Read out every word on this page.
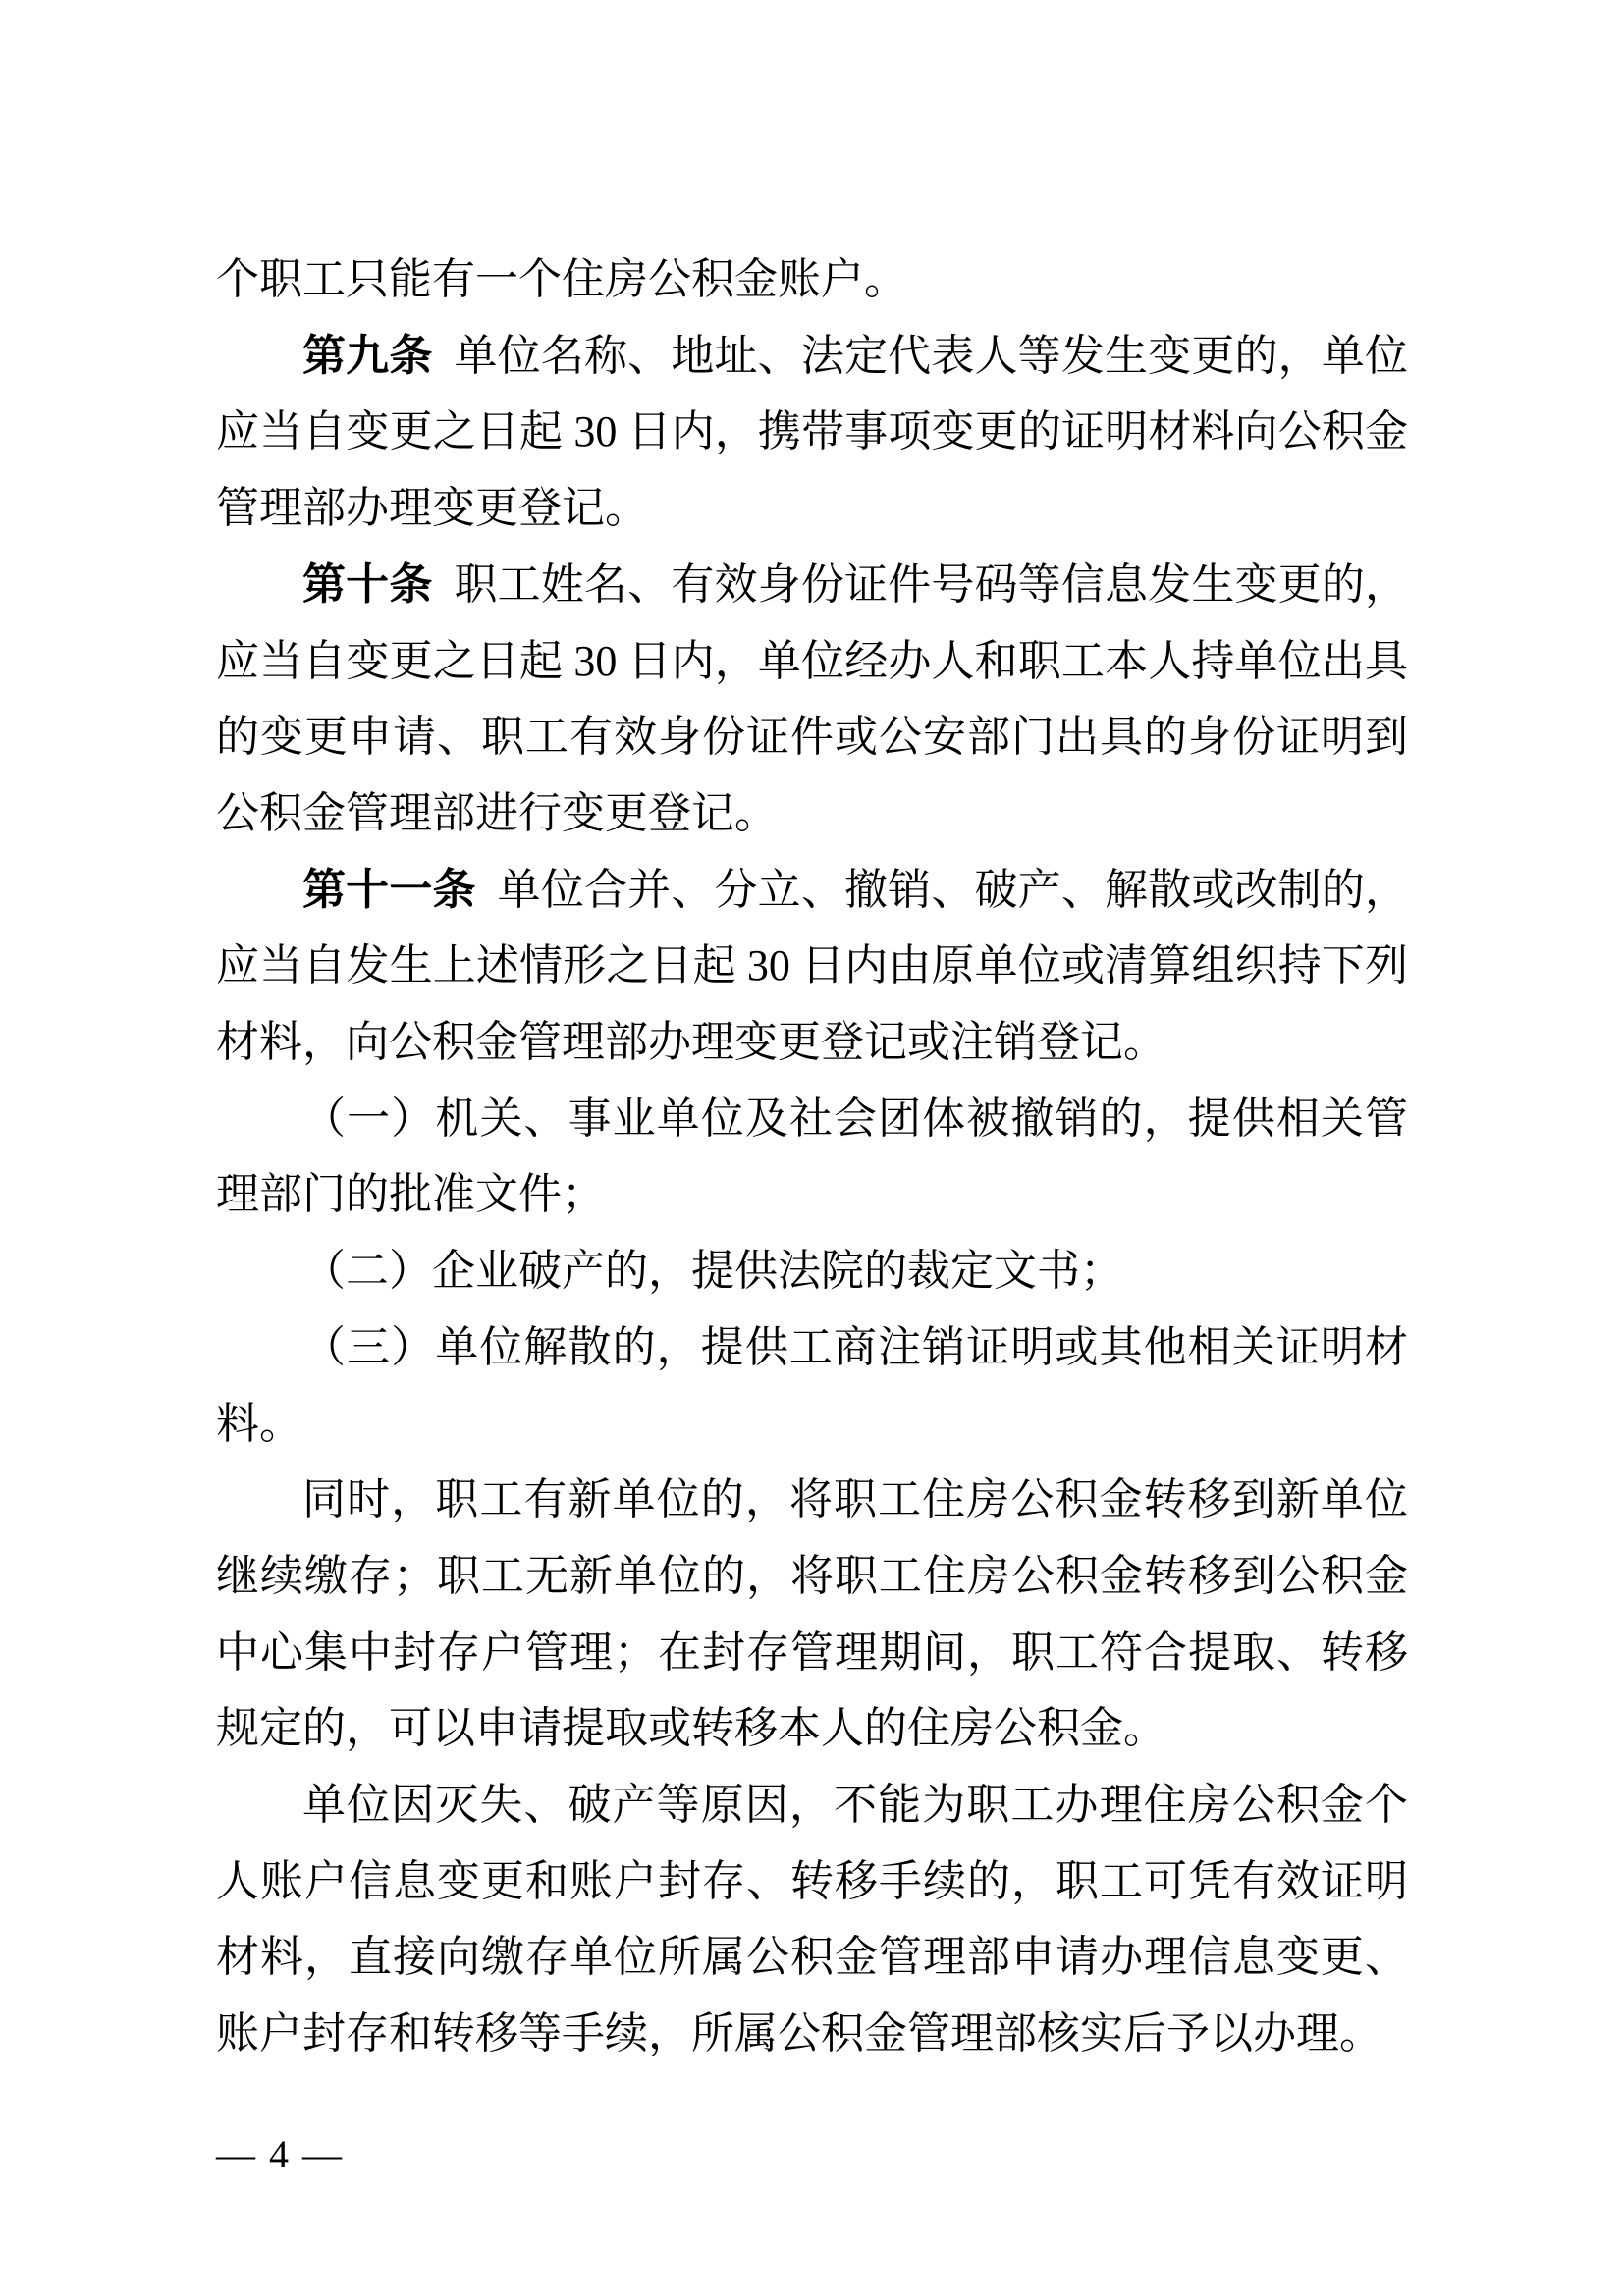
个职工只能有一个住房公积金账户。

第九条 单位名称、地址、法定代表人等发生变更的，单位应当自变更之日起 30 日内，携带事项变更的证明材料向公积金管理部办理变更登记。

第十条 职工姓名、有效身份证件号码等信息发生变更的，应当自变更之日起 30 日内，单位经办人和职工本人持单位出具的变更申请、职工有效身份证件或公安部门出具的身份证明到公积金管理部进行变更登记。

第十一条 单位合并、分立、撤销、破产、解散或改制的，应当自发生上述情形之日起 30 日内由原单位或清算组织持下列材料，向公积金管理部办理变更登记或注销登记。

（一）机关、事业单位及社会团体被撤销的，提供相关管理部门的批准文件；

（二）企业破产的，提供法院的裁定文书；

（三）单位解散的，提供工商注销证明或其他相关证明材料。

同时，职工有新单位的，将职工住房公积金转移到新单位继续缴存；职工无新单位的，将职工住房公积金转移到公积金中心集中封存户管理；在封存管理期间，职工符合提取、转移规定的，可以申请提取或转移本人的住房公积金。

单位因灭失、破产等原因，不能为职工办理住房公积金个人账户信息变更和账户封存、转移手续的，职工可凭有效证明材料，直接向缴存单位所属公积金管理部申请办理信息变更、账户封存和转移等手续，所属公积金管理部核实后予以办理。

— 4 —
